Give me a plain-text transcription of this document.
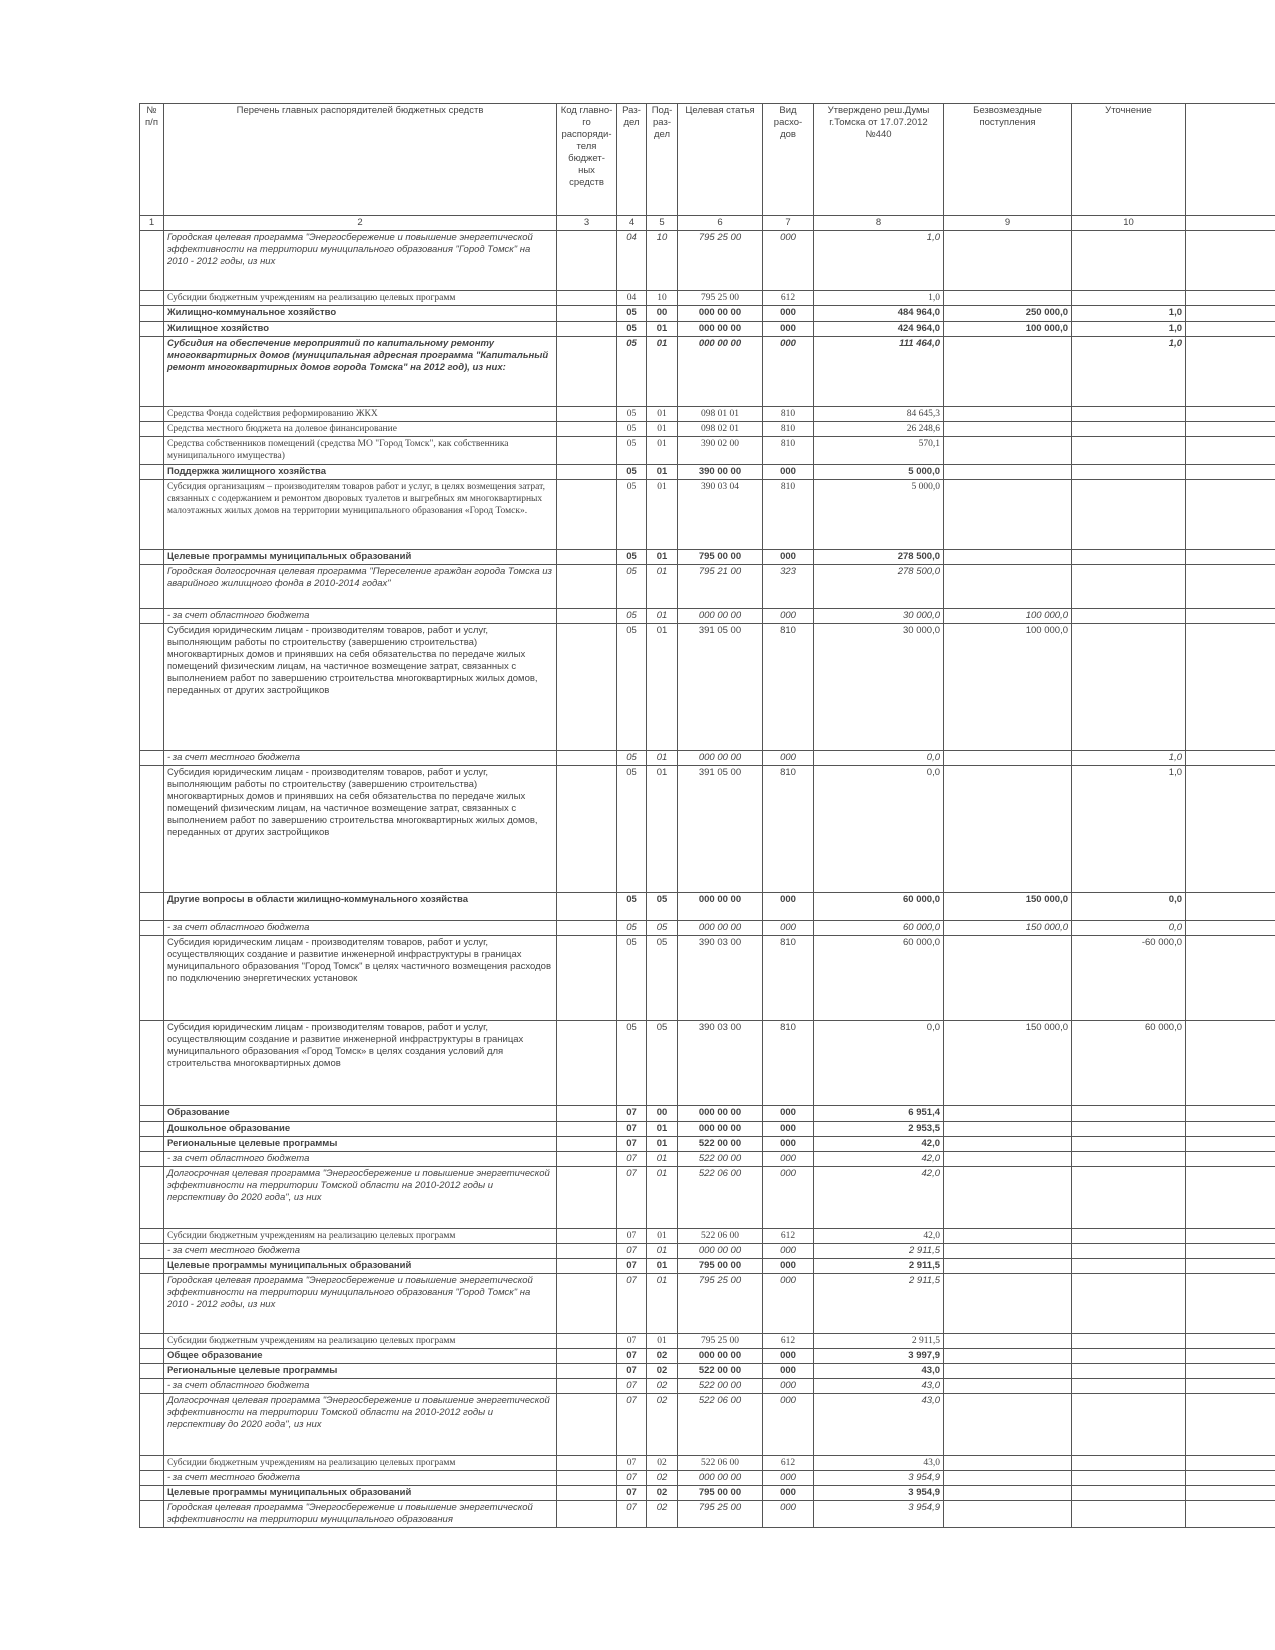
№ п/п	Перечень главных распорядителей бюджетных средств	Код главно-го распоряди-теля бюджет-ных средств	Раз-дел	Под-раз-дел	Целевая статья	Вид расхо-дов	Утверждено реш.Думы г.Томска от 17.07.2012 №440	Безвозмездные поступления	Уточнение	
1	2	3	4	5	6	7	8	9	10	
	Городская целевая программа "Энергосбережение и повышение энергетической эффективности на территории муниципального образования "Город Томск" на 2010 - 2012 годы, из них		04	10	795 25 00	000	1,0			
	Субсидии бюджетным учреждениям на реализацию целевых программ		04	10	795 25 00	612	1,0			
	Жилищно-коммунальное хозяйство		05	00	000 00 00	000	484 964,0	250 000,0	1,0	
	Жилищное хозяйство		05	01	000 00 00	000	424 964,0	100 000,0	1,0	
	Субсидия на обеспечение мероприятий по капитальному ремонту многоквартирных домов (муниципальная адресная программа "Капитальный ремонт многоквартирных домов города Томска" на 2012 год), из них:		05	01	000 00 00	000	111 464,0		1,0	
	Средства Фонда содействия реформированию ЖКХ		05	01	098 01 01	810	84 645,3			
	Средства местного бюджета на долевое финансирование		05	01	098 02 01	810	26 248,6			
	Средства собственников помещений (средства МО "Город Томск", как собственника муниципального имущества)		05	01	390 02 00	810	570,1			
	Поддержка жилищного хозяйства		05	01	390 00 00	000	5 000,0			
	Субсидия организациям – производителям товаров работ и услуг, в целях возмещения затрат, связанных с содержанием и ремонтом дворовых туалетов и выгребных ям многоквартирных малоэтажных жилых домов на территории муниципального образования «Город Томск».		05	01	390 03 04	810	5 000,0			
	Целевые программы муниципальных образований		05	01	795 00 00	000	278 500,0			
	Городская долгосрочная целевая программа "Переселение граждан города Томска из аварийного жилищного фонда в 2010-2014 годах"		05	01	795 21 00	323	278 500,0			
	- за счет областного бюджета		05	01	000 00 00	000	30 000,0	100 000,0		
	Субсидия юридическим лицам - производителям товаров, работ и услуг, выполняющим работы по строительству (завершению строительства) многоквартирных домов и принявших на себя обязательства по передаче жилых помещений физическим лицам, на частичное возмещение затрат, связанных с выполнением работ по завершению строительства многоквартирных жилых домов, переданных от других застройщиков		05	01	391 05 00	810	30 000,0	100 000,0		
	- за счет местного бюджета		05	01	000 00 00	000	0,0		1,0	
	Субсидия юридическим лицам - производителям товаров, работ и услуг, выполняющим работы по строительству (завершению строительства) многоквартирных домов и принявших на себя обязательства по передаче жилых помещений физическим лицам, на частичное возмещение затрат, связанных с выполнением работ по завершению строительства многоквартирных жилых домов, переданных от других застройщиков		05	01	391 05 00	810	0,0		1,0	
	Другие вопросы в области жилищно-коммунального хозяйства		05	05	000 00 00	000	60 000,0	150 000,0	0,0	
	- за счет областного бюджета		05	05	000 00 00	000	60 000,0	150 000,0	0,0	
	Субсидия юридическим лицам - производителям товаров, работ и услуг, осуществляющих создание и развитие инженерной инфраструктуры в границах муниципального образования "Город Томск" в целях частичного возмещения расходов по подключению энергетических установок		05	05	390 03 00	810	60 000,0		-60 000,0	
	Субсидия юридическим лицам - производителям товаров, работ и услуг, осуществляющим создание и развитие инженерной инфраструктуры в границах муниципального образования «Город Томск» в целях создания условий для строительства многоквартирных домов		05	05	390 03 00	810	0,0	150 000,0	60 000,0	
	Образование		07	00	000 00 00	000	6 951,4			
	Дошкольное образование		07	01	000 00 00	000	2 953,5			
	Региональные целевые программы		07	01	522 00 00	000	42,0			
	- за счет областного бюджета		07	01	522 00 00	000	42,0			
	Долгосрочная целевая программа "Энергосбережение и повышение энергетической эффективности на территории Томской области на 2010-2012 годы и перспективу до 2020 года", из них		07	01	522 06 00	000	42,0			
	Субсидии бюджетным учреждениям на реализацию целевых программ		07	01	522 06 00	612	42,0			
	- за счет местного бюджета		07	01	000 00 00	000	2 911,5			
	Целевые программы муниципальных образований		07	01	795 00 00	000	2 911,5			
	Городская целевая программа "Энергосбережение и повышение энергетической эффективности на территории муниципального образования "Город Томск" на 2010 - 2012 годы, из них		07	01	795 25 00	000	2 911,5			
	Субсидии бюджетным учреждениям на реализацию целевых программ		07	01	795 25 00	612	2 911,5			
	Общее образование		07	02	000 00 00	000	3 997,9			
	Региональные целевые программы		07	02	522 00 00	000	43,0			
	- за счет областного бюджета		07	02	522 00 00	000	43,0			
	Долгосрочная целевая программа "Энергосбережение и повышение энергетической эффективности на территории Томской области на 2010-2012 годы и перспективу до 2020 года", из них		07	02	522 06 00	000	43,0			
	Субсидии бюджетным учреждениям на реализацию целевых программ		07	02	522 06 00	612	43,0			
	- за счет местного бюджета		07	02	000 00 00	000	3 954,9			
	Целевые программы муниципальных образований		07	02	795 00 00	000	3 954,9			
	Городская целевая программа "Энергосбережение и повышение энергетической эффективности на территории муниципального образования		07	02	795 25 00	000	3 954,9			
